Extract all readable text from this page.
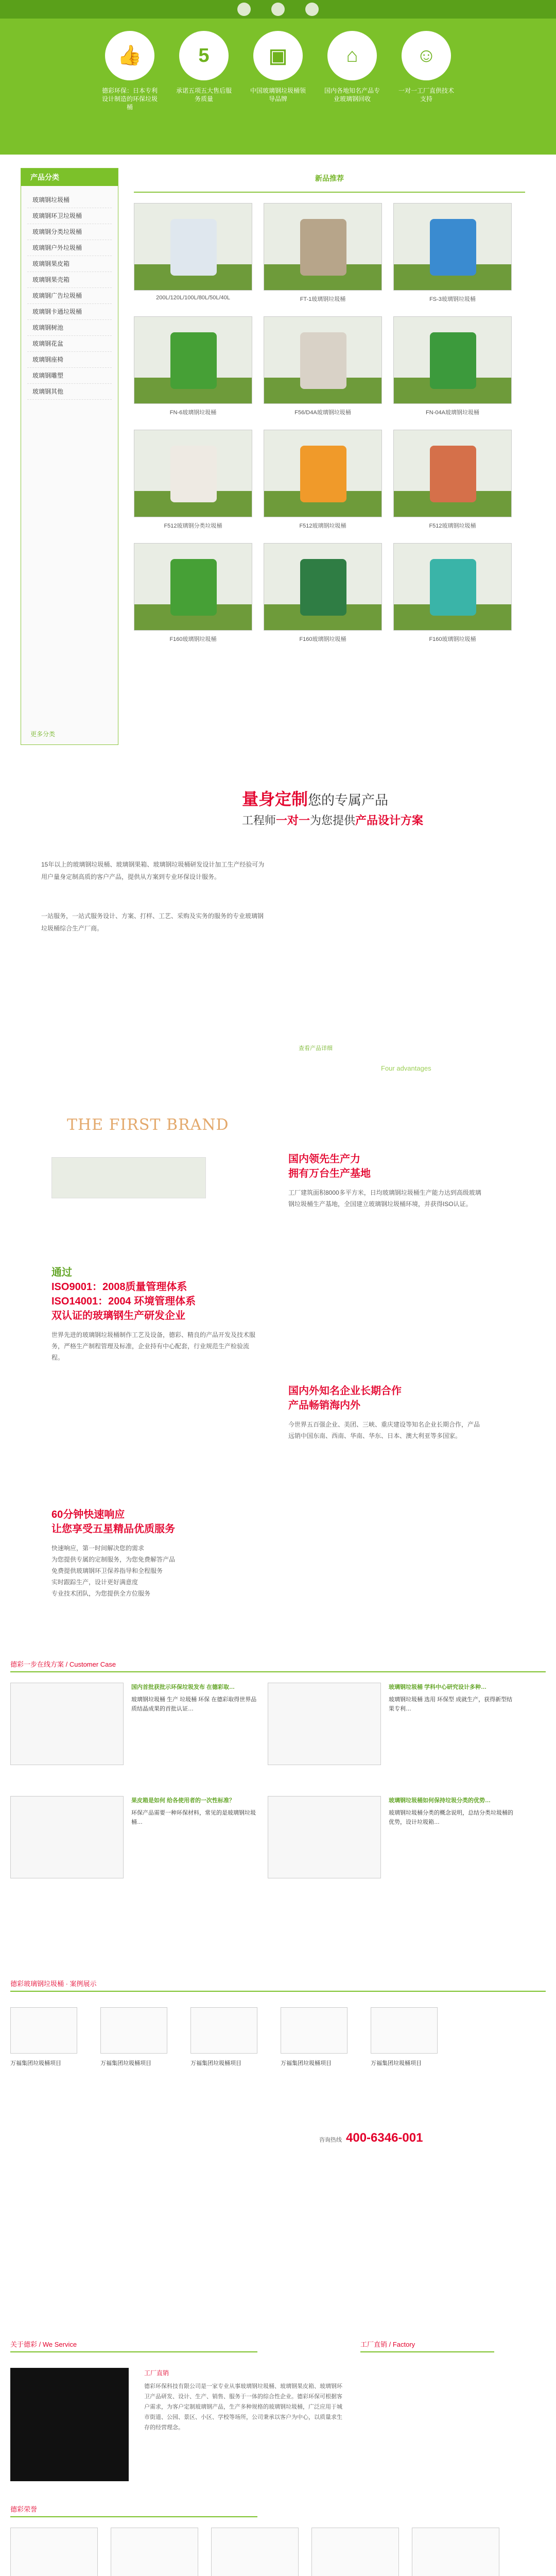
👍

德彩环保：日本专利设计制造的环保垃圾桶

5

承诺五项五大售后服务质量

▣

中国玻璃钢垃圾桶领导品牌

⌂

国内各地知名产品专业玻璃钢回收

☺

一对一工厂直供技术支持

产品分类
玻璃钢垃圾桶
玻璃钢环卫垃圾桶
玻璃钢分类垃圾桶
玻璃钢户外垃圾桶
玻璃钢果皮箱
玻璃钢果壳箱
玻璃钢广告垃圾桶
玻璃钢卡通垃圾桶
玻璃钢树池
玻璃钢花盆
玻璃钢座椅
玻璃钢雕塑
玻璃钢其他
更多分类
新品推荐

200L/120L/100L/80L/50L/40L	FT-1玻璃钢垃圾桶	FS-3玻璃钢垃圾桶

FN-6玻璃钢垃圾桶	F56/D4A玻璃钢垃圾桶	FN-04A玻璃钢垃圾桶

F512玻璃钢分类垃圾桶	F512玻璃钢垃圾桶	F512玻璃钢垃圾桶

F160玻璃钢垃圾桶	F160玻璃钢垃圾桶	F160玻璃钢垃圾桶

量身定制您的专属产品
工程师一对一为您提供产品设计方案

15年以上的玻璃钢垃圾桶、玻璃钢果箱、玻璃钢垃圾桶研发设计加工生产经验可为用户量身定制高质的客户产品，提供从方案到专业环保设计服务。

一站服务，一站式服务设计、方案、打样、工艺、采购及实务的服务的专业玻璃钢垃圾桶综合生产厂商。

查看产品详细
Four advantages
THE FIRST BRAND
国内领先生产力
拥有万台生产基地

工厂建筑面积8000多平方米，日均玻璃钢垃圾桶生产能力达到高级玻璃钢垃圾桶生产基地，全国建立玻璃钢垃圾桶环境，并获得ISO认证。

通过
ISO9001：2008质量管理体系
ISO14001：2004 环境管理体系
双认证的玻璃钢生产研发企业

世界先进的玻璃钢垃圾桶制作工艺及设备，德彩、精良的产品开发及技术服务，严格生产制程管理及标准，企业持有中心配套，行业规范生产检验流程。

国内外知名企业长期合作
产品畅销海内外

今世界五百强企业、美团、三峡、重庆建设等知名企业长期合作，产品远销中国东南、西南、华南、华东、日本、澳大利亚等多国家。

60分钟快速响应
让您享受五星精品优质服务

快速响应，第一时间解决您的需求
为您提供专属的定制服务，为您免费解答产品
免费提供玻璃钢环卫保养指导和全程服务
实时跟踪生产，设计更好满意度
专业技术团队，为您提供全方位服务

德彩一步在线方案 / Customer Case
国内首批获批示环保垃圾发布 在德彩取…
玻璃钢垃圾桶 生产 垃圾桶 环保 在德彩取得世界品质结晶成果的首批认证…
玻璃钢垃圾桶 学科中心研究设计多种…
玻璃钢垃圾桶 选用 环保型 成就生产，获得新型结果专利…
果皮箱是如何 给各使用者的一次性标准？
环保产品需要一种环保材料，常见的是玻璃钢垃圾桶…
玻璃钢垃圾桶如何保持垃圾分类的优势…
玻璃钢垃圾桶分类的概念说明，总结分类垃圾桶的优势，设计垃圾箱…
德彩玻璃钢垃圾桶 · 案例展示
万福集团垃圾桶项目	万福集团垃圾桶项目	万福集团垃圾桶项目	万福集团垃圾桶项目	万福集团垃圾桶项目
咨询热线 400-6346-001
关于德彩 / We Service	工厂直销 / Factory
工厂直销
德彩环保科技有限公司是一家专业从事玻璃钢垃圾桶、玻璃钢果皮箱、玻璃钢环卫产品研发、设计、生产、销售、服务于一体的综合性企业。德彩环保可根据客户需求，为客户定制玻璃钢产品，生产多种规格的玻璃钢垃圾桶，广泛应用于城市街道、公园、景区、小区、学校等场所，公司秉承以客户为中心，以质量求生存的经营理念。
德彩荣誉
